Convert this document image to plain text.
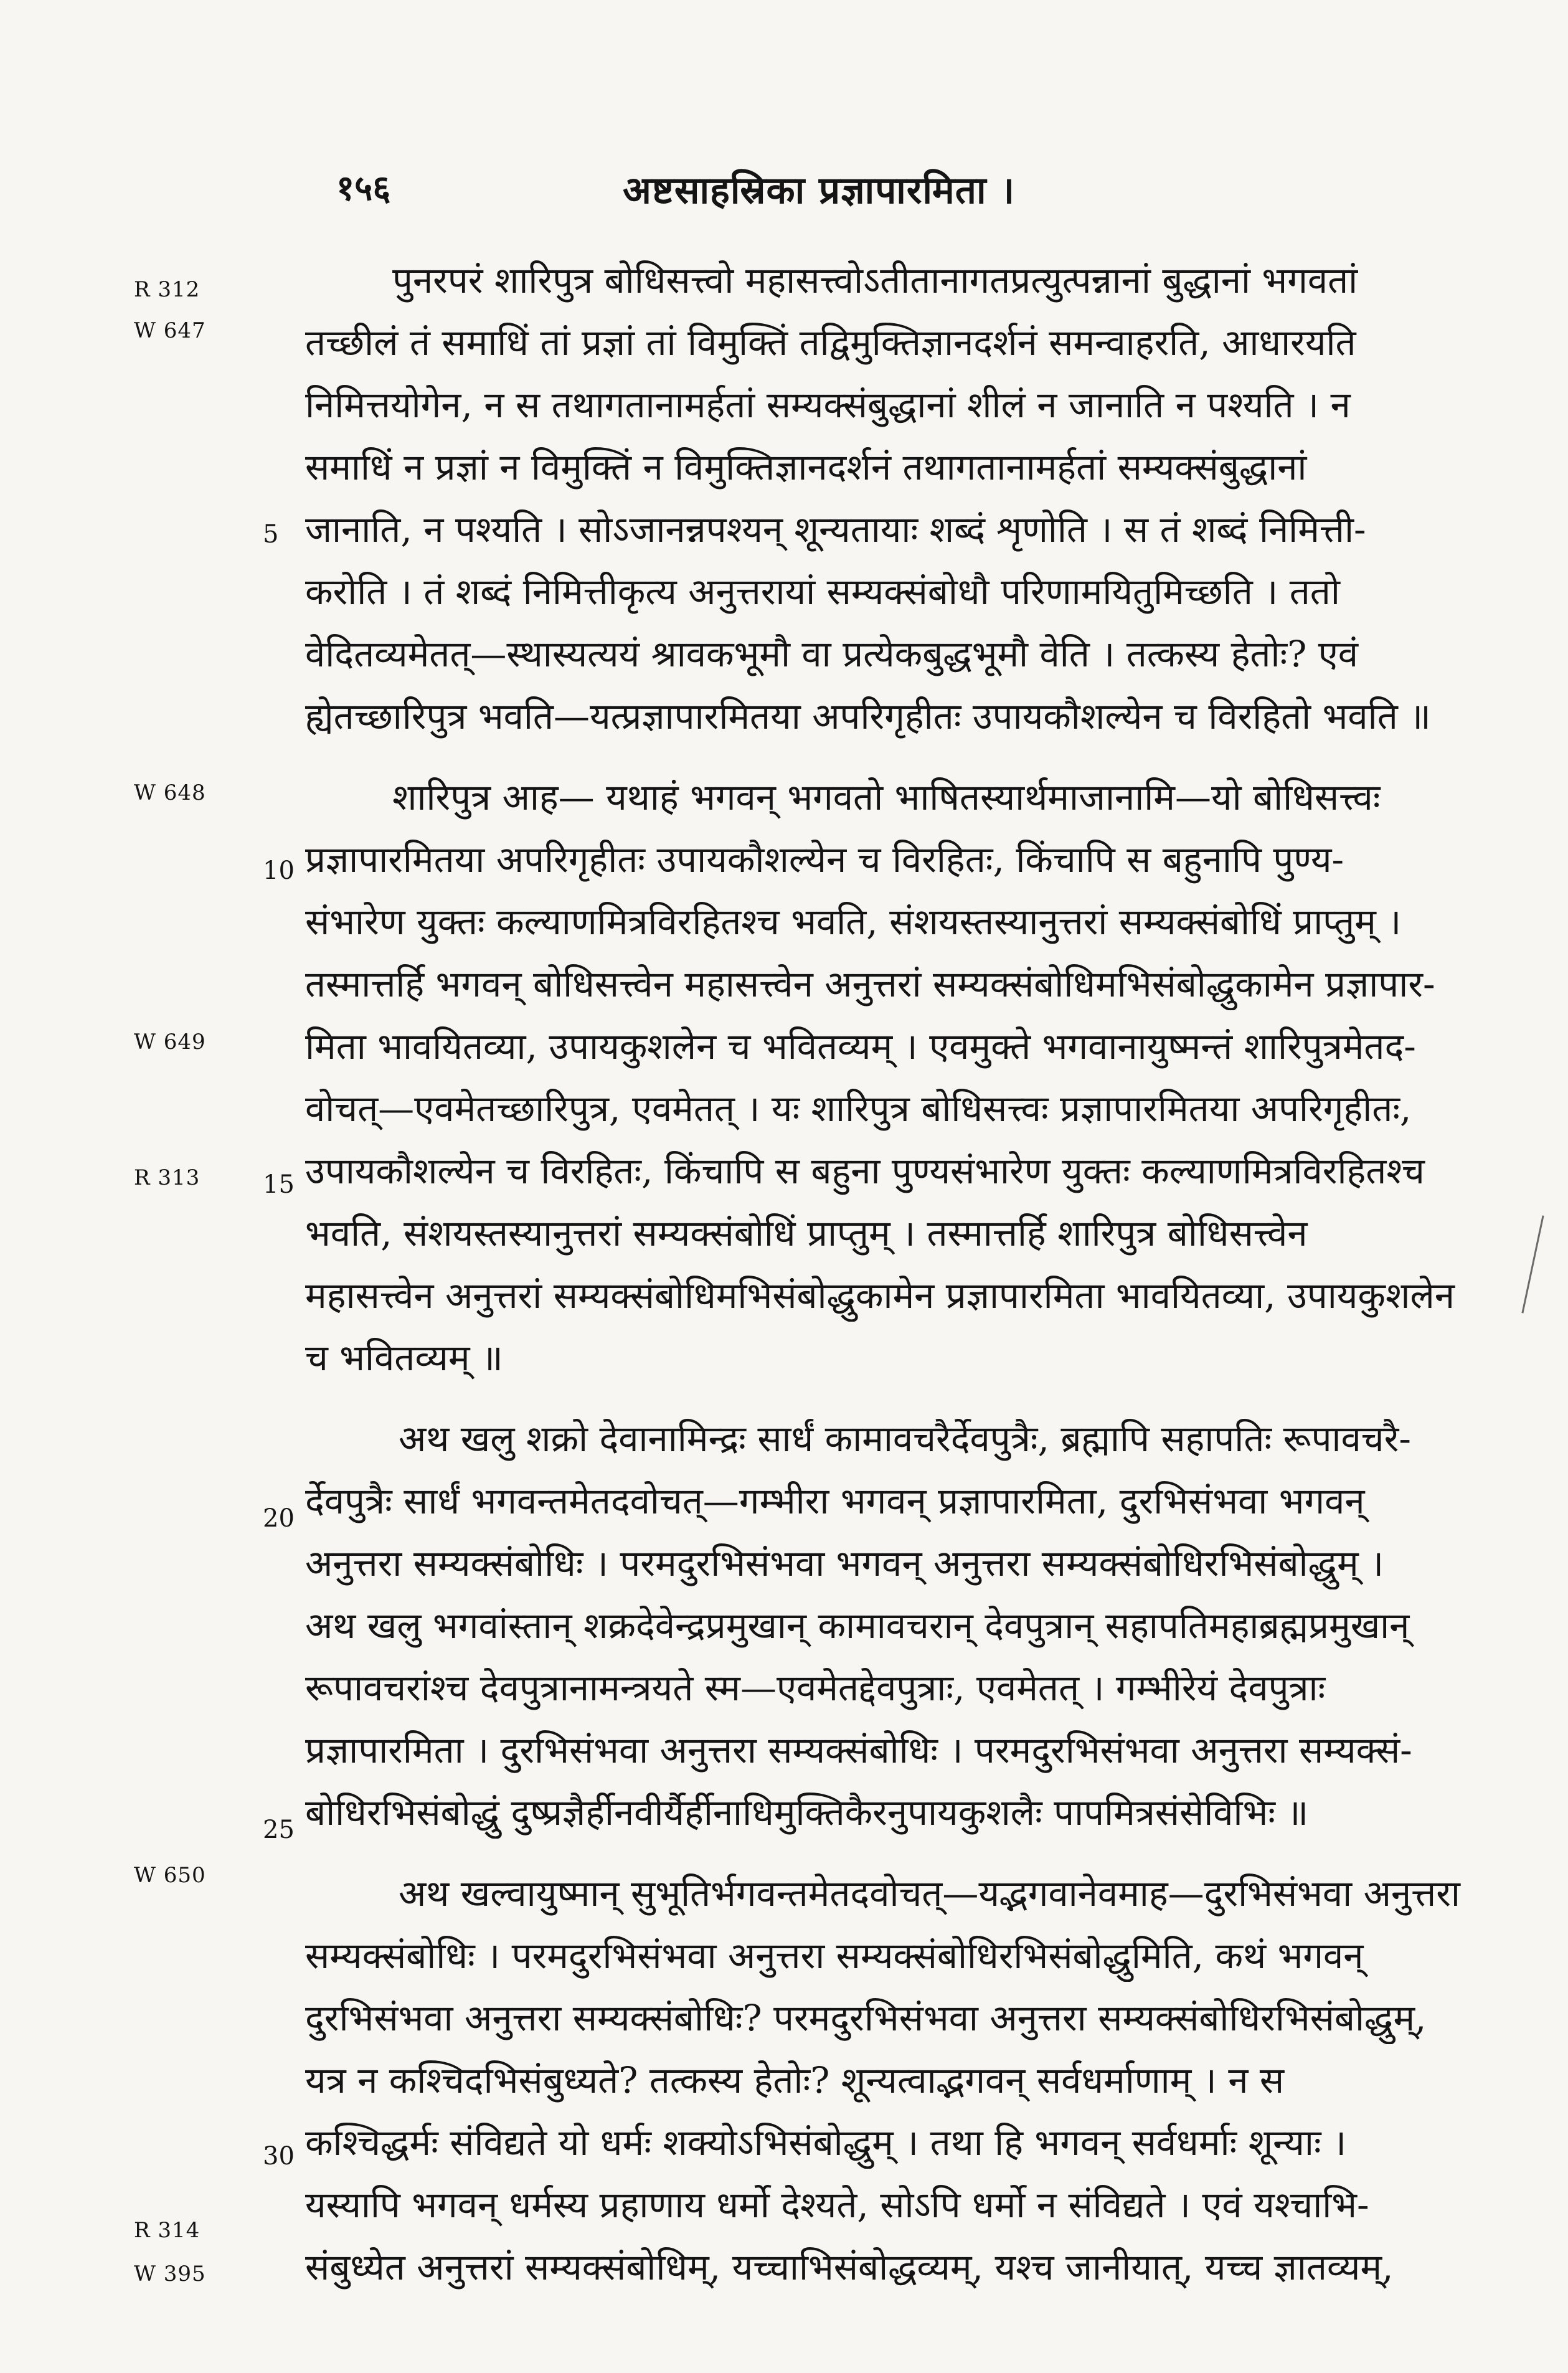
१५६	अष्टसाहस्रिका प्रज्ञापारमिता ।
R 312
W 647
W 648
W 649
R 313
W 650
R 314
W 395
5
10
15
20
25
30
पुनरपरं शारिपुत्र बोधिसत्त्वो महासत्त्वोऽतीतानागतप्रत्युत्पन्नानां बुद्धानां भगवतां
तच्छीलं तं समाधिं तां प्रज्ञां तां विमुक्तिं तद्विमुक्तिज्ञानदर्शनं समन्वाहरति, आधारयति
निमित्तयोगेन, न स तथागतानामर्हतां सम्यक्संबुद्धानां शीलं न जानाति न पश्यति । न
समाधिं न प्रज्ञां न विमुक्तिं न विमुक्तिज्ञानदर्शनं तथागतानामर्हतां सम्यक्संबुद्धानां
जानाति, न पश्यति । सोऽजानन्नपश्यन् शून्यतायाः शब्दं शृणोति । स तं शब्दं निमित्ती-
करोति । तं शब्दं निमित्तीकृत्य अनुत्तरायां सम्यक्संबोधौ परिणामयितुमिच्छति । ततो
वेदितव्यमेतत्—स्थास्यत्ययं श्रावकभूमौ वा प्रत्येकबुद्धभूमौ वेति । तत्कस्य हेतोः? एवं
ह्येतच्छारिपुत्र भवति—यत्प्रज्ञापारमितया अपरिगृहीतः उपायकौशल्येन च विरहितो भवति ॥
शारिपुत्र आह— यथाहं भगवन् भगवतो भाषितस्यार्थमाजानामि—यो बोधिसत्त्वः
प्रज्ञापारमितया अपरिगृहीतः उपायकौशल्येन च विरहितः, किंचापि स बहुनापि पुण्य-
संभारेण युक्तः कल्याणमित्रविरहितश्च भवति, संशयस्तस्यानुत्तरां सम्यक्संबोधिं प्राप्तुम् ।
तस्मात्तर्हि भगवन् बोधिसत्त्वेन महासत्त्वेन अनुत्तरां सम्यक्संबोधिमभिसंबोद्धुकामेन प्रज्ञापार-
मिता भावयितव्या, उपायकुशलेन च भवितव्यम् । एवमुक्ते भगवानायुष्मन्तं शारिपुत्रमेतद-
वोचत्—एवमेतच्छारिपुत्र, एवमेतत् । यः शारिपुत्र बोधिसत्त्वः प्रज्ञापारमितया अपरिगृहीतः,
उपायकौशल्येन च विरहितः, किंचापि स बहुना पुण्यसंभारेण युक्तः कल्याणमित्रविरहितश्च
भवति, संशयस्तस्यानुत्तरां सम्यक्संबोधिं प्राप्तुम् । तस्मात्तर्हि शारिपुत्र बोधिसत्त्वेन
महासत्त्वेन अनुत्तरां सम्यक्संबोधिमभिसंबोद्धुकामेन प्रज्ञापारमिता भावयितव्या, उपायकुशलेन
च भवितव्यम् ॥
अथ खलु शक्रो देवानामिन्द्रः सार्धं कामावचरैर्देवपुत्रैः, ब्रह्मापि सहापतिः रूपावचरै-
र्देवपुत्रैः सार्धं भगवन्तमेतदवोचत्—गम्भीरा भगवन् प्रज्ञापारमिता, दुरभिसंभवा भगवन्
अनुत्तरा सम्यक्संबोधिः । परमदुरभिसंभवा भगवन् अनुत्तरा सम्यक्संबोधिरभिसंबोद्धुम् ।
अथ खलु भगवांस्तान् शक्रदेवेन्द्रप्रमुखान् कामावचरान् देवपुत्रान् सहापतिमहाब्रह्मप्रमुखान्
रूपावचरांश्च देवपुत्रानामन्त्रयते स्म—एवमेतद्देवपुत्राः, एवमेतत् । गम्भीरेयं देवपुत्राः
प्रज्ञापारमिता । दुरभिसंभवा अनुत्तरा सम्यक्संबोधिः । परमदुरभिसंभवा अनुत्तरा सम्यक्सं-
बोधिरभिसंबोद्धुं दुष्प्रज्ञैर्हीनवीर्यैर्हीनाधिमुक्तिकैरनुपायकुशलैः पापमित्रसंसेविभिः ॥
अथ खल्वायुष्मान् सुभूतिर्भगवन्तमेतदवोचत्—यद्भगवानेवमाह—दुरभिसंभवा अनुत्तरा
सम्यक्संबोधिः । परमदुरभिसंभवा अनुत्तरा सम्यक्संबोधिरभिसंबोद्धुमिति, कथं भगवन्
दुरभिसंभवा अनुत्तरा सम्यक्संबोधिः? परमदुरभिसंभवा अनुत्तरा सम्यक्संबोधिरभिसंबोद्धुम्,
यत्र न कश्चिदभिसंबुध्यते? तत्कस्य हेतोः? शून्यत्वाद्भगवन् सर्वधर्माणाम् । न स
कश्चिद्धर्मः संविद्यते यो धर्मः शक्योऽभिसंबोद्धुम् । तथा हि भगवन् सर्वधर्माः शून्याः ।
यस्यापि भगवन् धर्मस्य प्रहाणाय धर्मो देश्यते, सोऽपि धर्मो न संविद्यते । एवं यश्चाभि-
संबुध्येत अनुत्तरां सम्यक्संबोधिम्, यच्चाभिसंबोद्धव्यम्, यश्च जानीयात्, यच्च ज्ञातव्यम्,
